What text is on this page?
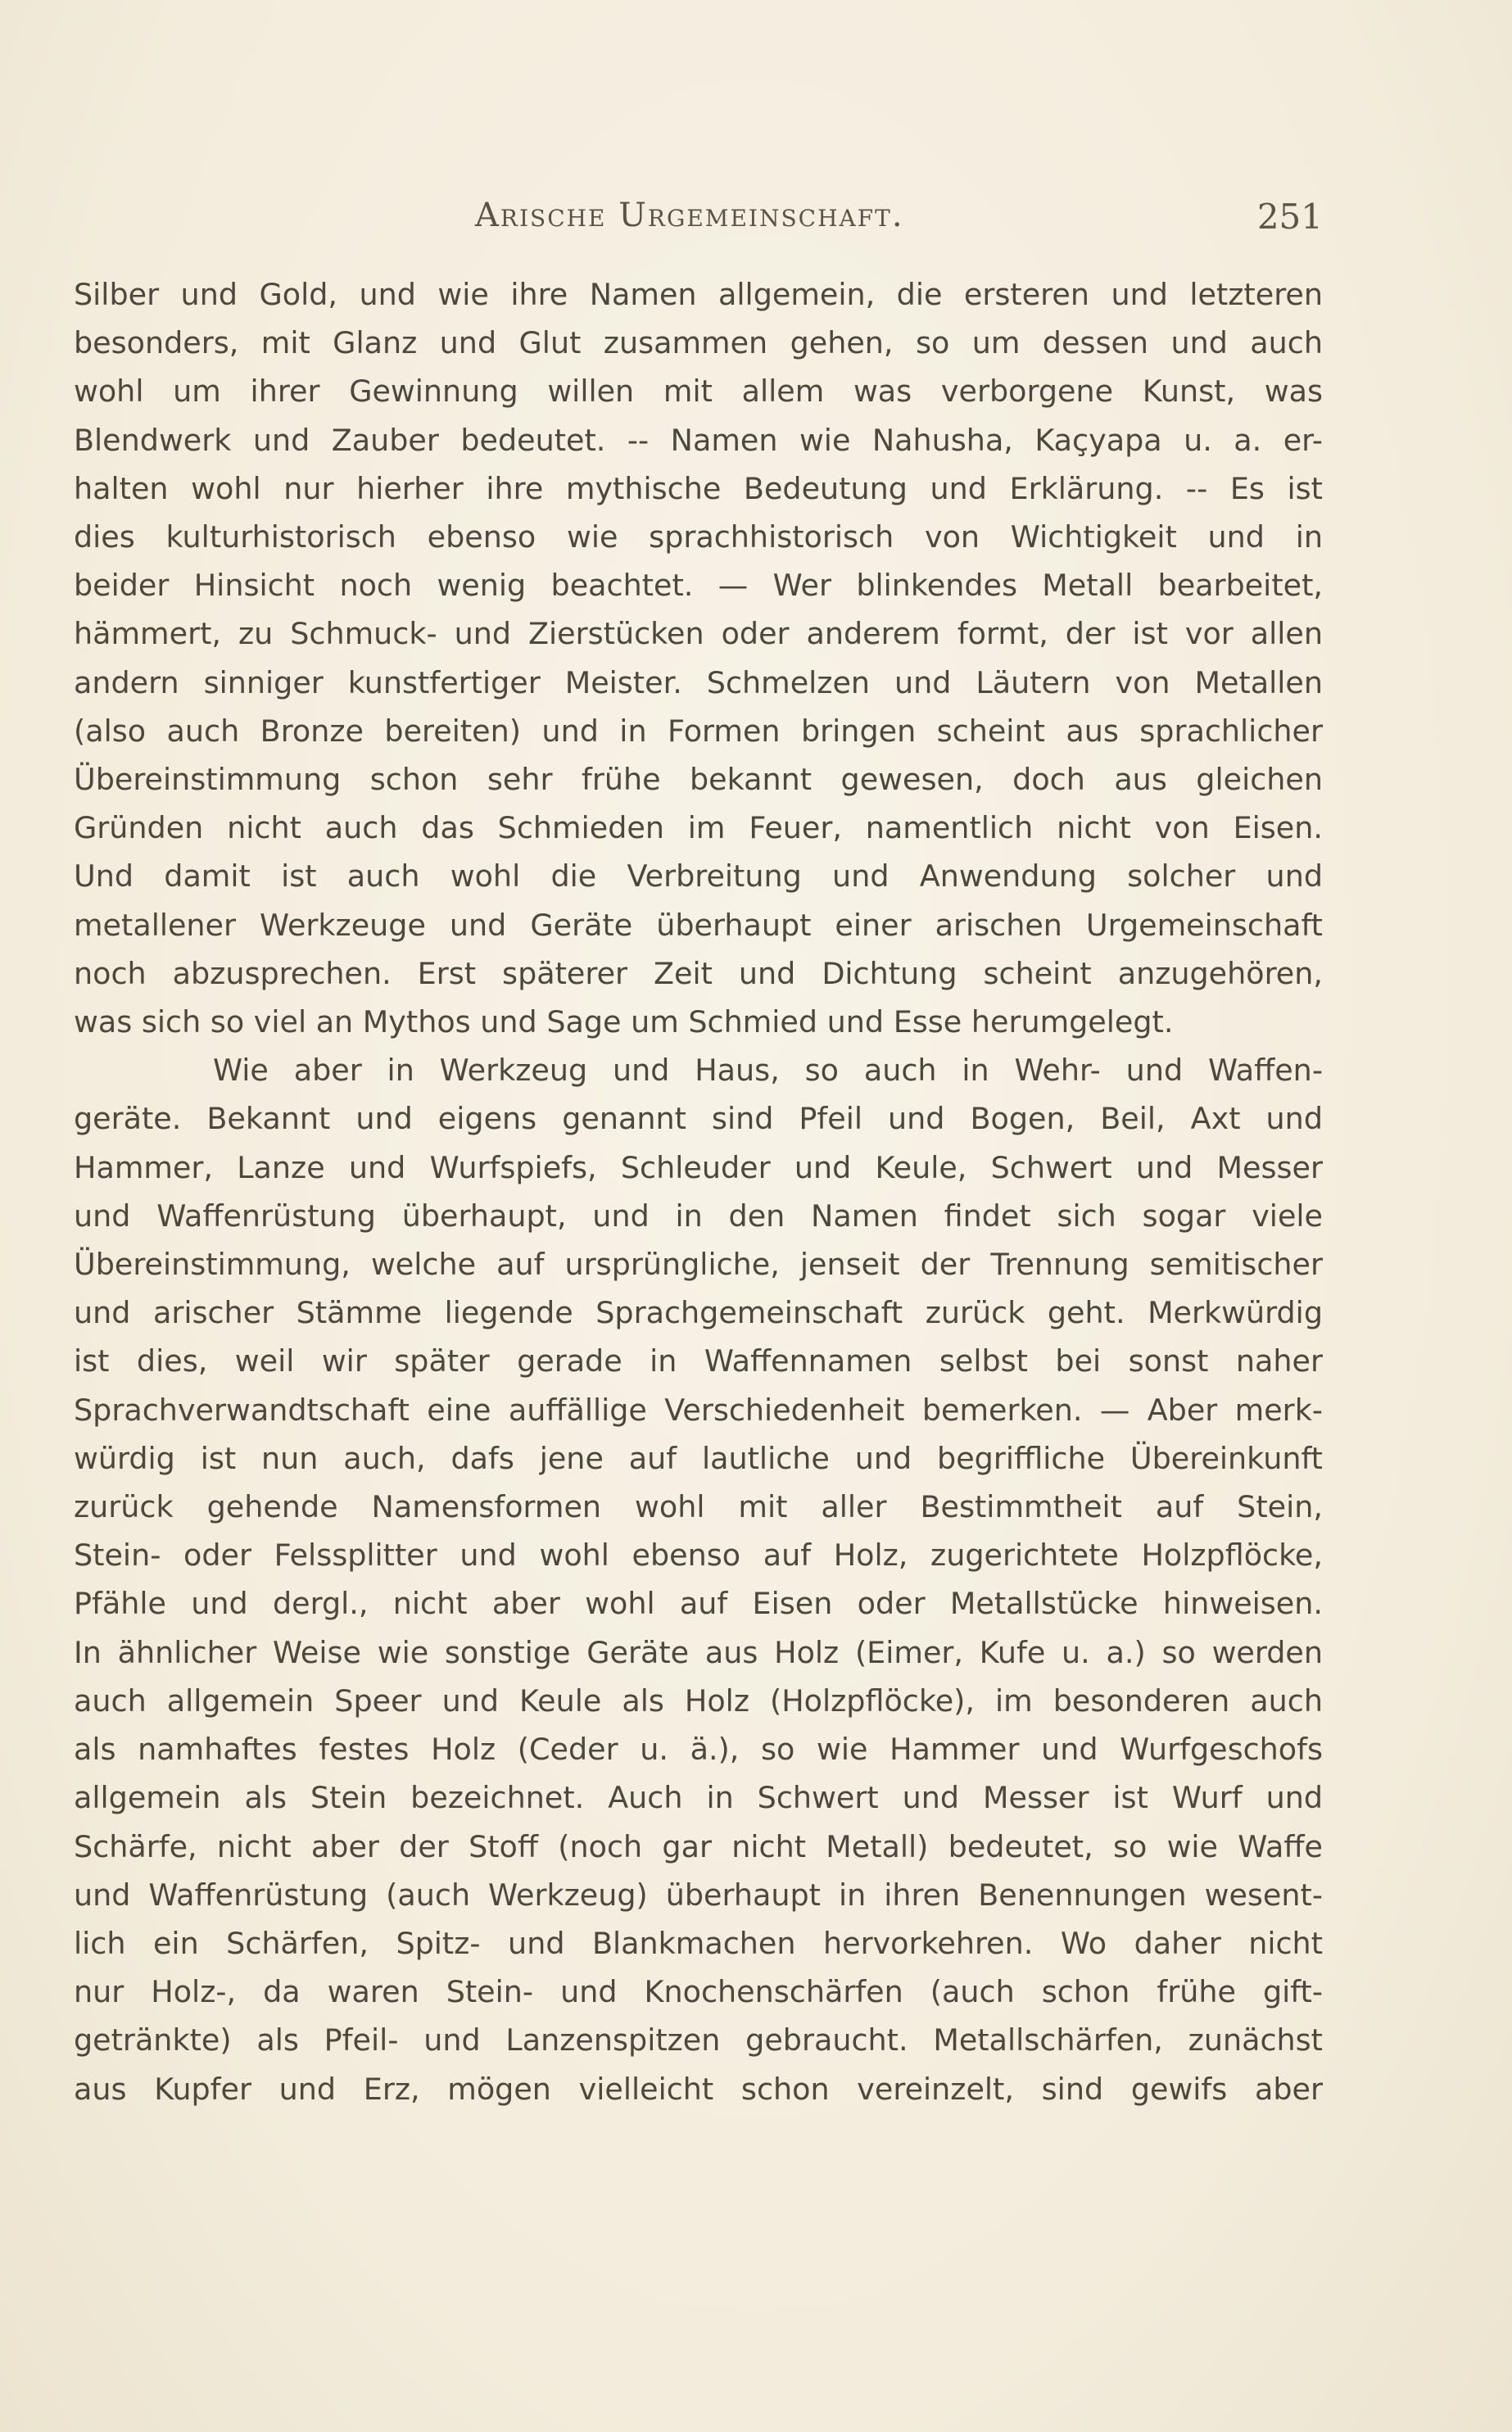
Arische Urgemeinschaft.	251
Silber und Gold, und wie ihre Namen allgemein, die ersteren und letzteren
besonders, mit Glanz und Glut zusammen gehen, so um dessen und auch
wohl um ihrer Gewinnung willen mit allem was verborgene Kunst, was
Blendwerk und Zauber bedeutet. -- Namen wie Nahusha, Kaçyapa u. a. er-
halten wohl nur hierher ihre mythische Bedeutung und Erklärung. -- Es ist
dies kulturhistorisch ebenso wie sprachhistorisch von Wichtigkeit und in
beider Hinsicht noch wenig beachtet. — Wer blinkendes Metall bearbeitet,
hämmert, zu Schmuck- und Zierstücken oder anderem formt, der ist vor allen
andern sinniger kunstfertiger Meister. Schmelzen und Läutern von Metallen
(also auch Bronze bereiten) und in Formen bringen scheint aus sprachlicher
Übereinstimmung schon sehr frühe bekannt gewesen, doch aus gleichen
Gründen nicht auch das Schmieden im Feuer, namentlich nicht von Eisen.
Und damit ist auch wohl die Verbreitung und Anwendung solcher und
metallener Werkzeuge und Geräte überhaupt einer arischen Urgemeinschaft
noch abzusprechen. Erst späterer Zeit und Dichtung scheint anzugehören,
was sich so viel an Mythos und Sage um Schmied und Esse herumgelegt.
Wie aber in Werkzeug und Haus, so auch in Wehr- und Waffen-
geräte. Bekannt und eigens genannt sind Pfeil und Bogen, Beil, Axt und
Hammer, Lanze und Wurfspiefs, Schleuder und Keule, Schwert und Messer
und Waffenrüstung überhaupt, und in den Namen findet sich sogar viele
Übereinstimmung, welche auf ursprüngliche, jenseit der Trennung semitischer
und arischer Stämme liegende Sprachgemeinschaft zurück geht. Merkwürdig
ist dies, weil wir später gerade in Waffennamen selbst bei sonst naher
Sprachverwandtschaft eine auffällige Verschiedenheit bemerken. — Aber merk-
würdig ist nun auch, dafs jene auf lautliche und begriffliche Übereinkunft
zurück gehende Namensformen wohl mit aller Bestimmtheit auf Stein,
Stein- oder Felssplitter und wohl ebenso auf Holz, zugerichtete Holzpflöcke,
Pfähle und dergl., nicht aber wohl auf Eisen oder Metallstücke hinweisen.
In ähnlicher Weise wie sonstige Geräte aus Holz (Eimer, Kufe u. a.) so werden
auch allgemein Speer und Keule als Holz (Holzpflöcke), im besonderen auch
als namhaftes festes Holz (Ceder u. ä.), so wie Hammer und Wurfgeschofs
allgemein als Stein bezeichnet. Auch in Schwert und Messer ist Wurf und
Schärfe, nicht aber der Stoff (noch gar nicht Metall) bedeutet, so wie Waffe
und Waffenrüstung (auch Werkzeug) überhaupt in ihren Benennungen wesent-
lich ein Schärfen, Spitz- und Blankmachen hervorkehren. Wo daher nicht
nur Holz-, da waren Stein- und Knochenschärfen (auch schon frühe gift-
getränkte) als Pfeil- und Lanzenspitzen gebraucht. Metallschärfen, zunächst
aus Kupfer und Erz, mögen vielleicht schon vereinzelt, sind gewifs aber
